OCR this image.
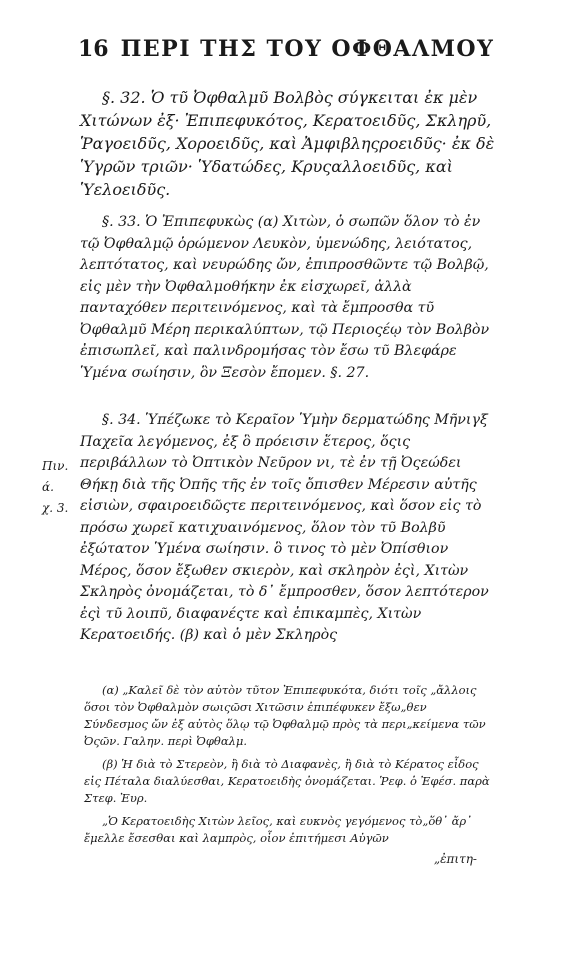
16 ΠΕΡΙ ΤΗΣ ΤΟΥ ΟΦΘΑΛΜΟΥ

§. 32. Ὁ τῦ Ὀφθαλμῦ Βολβὸς σύγκειται ἐκ μὲν Χιτώνων ἐξ· Ἐπιπεφυκότος, Κερατοειδῦς, Σκληρῦ, Ῥαγοειδῦς, Χοροειδῦς, καὶ Ἀμφιβληςροειδῦς· ἐκ δὲ Ὑγρῶν τριῶν· Ὑδατώδες, Κρυςαλλοειδῦς, καὶ Ὑελοειδῦς.

§. 33. Ὁ Ἐπιπεφυκὼς (α) Χιτὼν, ὁ σωπῶν ὅλον τὸ ἐν τῷ Ὀφθαλμῷ ὁρώμενον Λευκὸν, ὑμενώδης, λειότατος, λεπτότατος, καὶ νευρώδης ὤν, ἐπιπροσθῶντε τῷ Βολβῷ, εἰς μὲν τὴν Ὀφθαλμοθήκην ἐκ εἰσχωρεῖ, ἀλλὰ πανταχόθεν περιτεινόμενος, καὶ τὰ ἔμπροσθα τῦ Ὀφθαλμῦ Μέρη περικαλύπτων, τῷ Περιοςέῳ τὸν Βολβὸν ἐπισωπλεῖ, καὶ παλινδρομήσας τὸν ἔσω τῦ Βλεφάρε Ὑμένα σωίησιν, ὃν Ξεσὸν ἔπομεν. §. 27.

Πιν. ά.
χ. 3.

§. 34. Ὑπέζωκε τὸ Κεραῖον Ὑμὴν δερματώδης Μῆνιγξ Παχεῖα λεγόμενος, ἐξ ὃ πρόεισιν ἕτερος, ὅςις περιβάλλων τὸ Ὀπτικὸν Νεῦρον νι, τὲ ἐν τῇ Ὀςεώδει Θήκῃ διὰ τῆς Ὀπῆς τῆς ἐν τοῖς ὄπισθεν Μέρεσιν αὐτῆς εἰσιὼν, σφαιροειδῶςτε περιτεινόμενος, καὶ ὅσον εἰς τὸ πρόσω χωρεῖ κατιχυαινόμενος, ὅλον τὸν τῦ Βολβῦ ἐξώτατον Ὑμένα σωίησιν. ὃ τινος τὸ μὲν Ὀπίσθιον Μέρος, ὅσον ἔξωθεν σκιερὸν, καὶ σκληρὸν ἐςὶ, Χιτὼν Σκληρὸς ὀνομάζεται, τὸ δ᾽ ἔμπροσθεν, ὅσον λεπτότερον ἐςὶ τῦ λοιπῦ, διαφανέςτε καὶ ἐπικαμπὲς, Χιτὼν Κερατοειδής. (β) καὶ ὁ μὲν Σκληρὸς

(α) „Καλεῖ δὲ τὸν αὐτὸν τῦτον Ἐπιπεφυκότα, διότι τοῖς „ἄλλοις ὅσοι τὸν Ὀφθαλμὸν σωιςῶσι Χιτῶσιν ἐπιπέφυκεν ἔξω„θεν Σύνδεσμος ὤν ἐξ αὐτὸς ὅλῳ τῷ Ὀφθαλμῷ πρὸς τὰ περι„κείμενα τῶν Ὀςῶν. Γαλην. περὶ Ὀφθαλμ.

(β) Ἡ διὰ τὸ Στερεὸν, ἢ διὰ τὸ Διαφανὲς, ἢ διὰ τὸ Κέρατος εἶδος εἰς Πέταλα διαλύεσθαι, Κερατοειδὴς ὀνομάζεται. Ῥεφ. ὁ Ἐφέσ. παρὰ Στεφ. Ἐυρ.

„Ὁ Κερατοειδὴς Χιτὼν λεῖος, καὶ ευκνὸς γεγόμενος τὸ„ὅθ᾽ ἄρ᾽ ἔμελλε ἔσεσθαι καὶ λαμπρὸς, οἷον ἐπιτήμεσι Αὐγῶν

„ἐπιτη-
